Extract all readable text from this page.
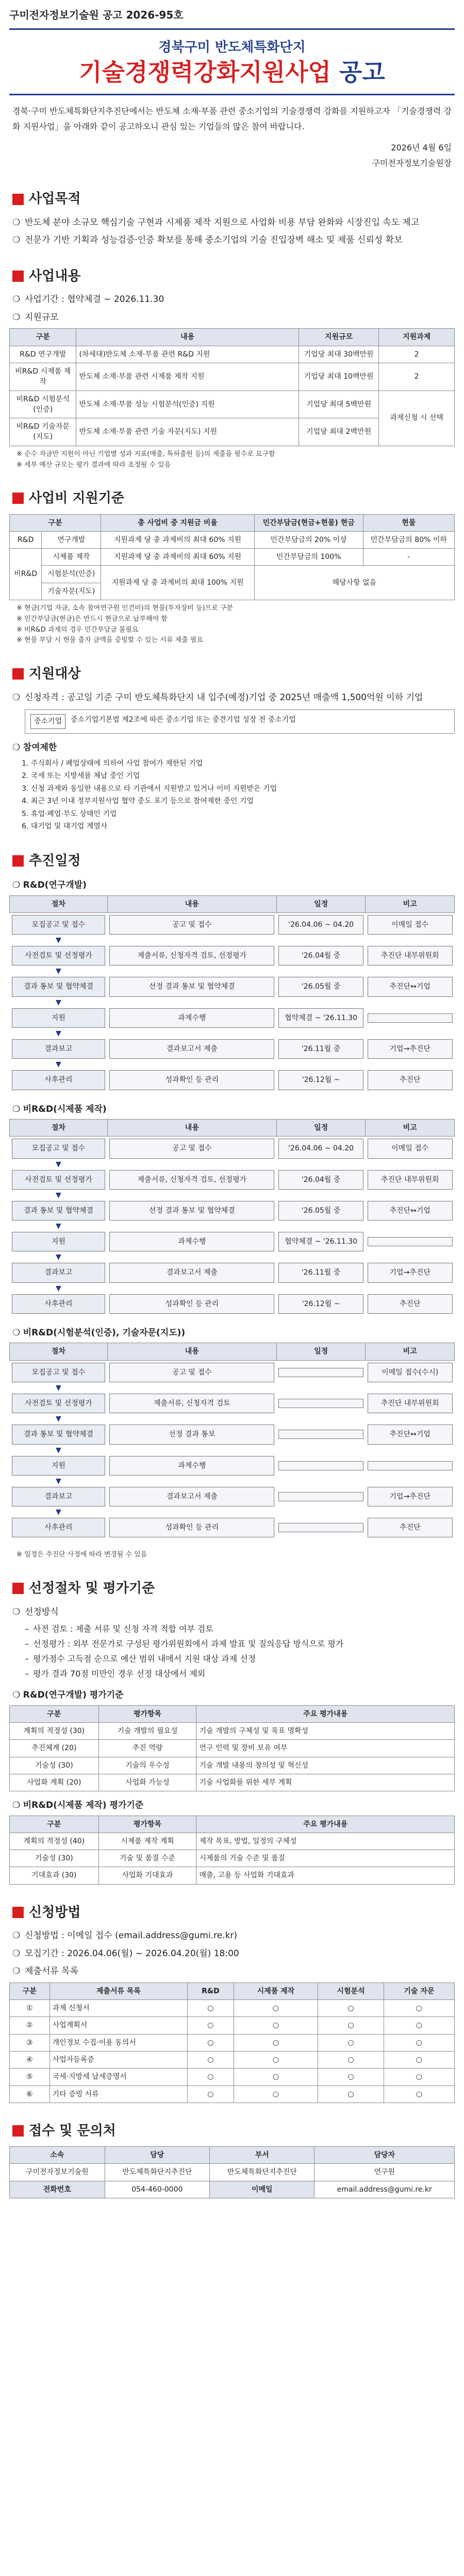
구미전자정보기술원 공고 2026-95호
경북구미 반도체특화단지
기술경쟁력강화지원사업 공고

경북·구미 반도체특화단지추진단에서는 반도체 소재·부품 관련 중소기업의 기술경쟁력 강화를 지원하고자 「기술경쟁력 강화 지원사업」을 아래와 같이 공고하오니 관심 있는 기업들의 많은 참여 바랍니다.

2026년 4월 6일
구미전자정보기술원장
사업목적
❍ 반도체 분야 소규모 핵심기술 구현과 시제품 제작 지원으로 사업화 비용 부담 완화와 시장진입 속도 제고
❍ 전문가 기반 기획과 성능검증·인증 확보를 통해 중소기업의 기술 진입장벽 해소 및 제품 신뢰성 확보
사업내용
❍ 사업기간 : 협약체결 ~ 2026.11.30
❍ 지원규모
구분	내용	지원규모	지원과제
R&D 연구개발	(차세대)반도체 소재·부품 관련 R&D 지원	기업당 최대 30백만원	2
비R&D 시제품 제작	반도체 소재·부품 관련 시제품 제작 지원	기업당 최대 10백만원	2
비R&D 시험분석(인증)	반도체 소재·부품 성능 시험분석(인증) 지원	기업당 최대 5백만원	과제신청 시 선택
비R&D 기술자문(지도)	반도체 소재·부품 관련 기술 자문(지도) 지원	기업당 최대 2백만원	
※ 순수 자금만 지원이 아닌 기업별 성과 지표(매출, 특허출원 등)의 제출을 필수로 요구함
※ 세부 예산 규모는 평가 결과에 따라 조정될 수 있음
사업비 지원기준
구분		총 사업비 중 지원금 비율	민간부담금(현금+현물) 현금	현물
R&D	연구개발	지원과제 당 총 과제비의 최대 60% 지원	민간부담금의 20% 이상	민간부담금의 80% 이하
비R&D	시제품 제작	지원과제 당 총 과제비의 최대 60% 지원	민간부담금의 100%	-
	시험분석(인증)	지원과제 당 총 과제비의 최대 100% 지원	해당사항 없음	
	기술자문(지도)			
※ 현금(기업 자금, 소속 참여연구원 인건비)의 현물(투자장비 등)으로 구분
※ 민간부담금(현금)은 반드시 현금으로 납부해야 함
※ 비R&D 과제의 경우 민간부담금 불필요
※ 현물 부담 시 현물 출자 금액을 증빙할 수 있는 서류 제출 필요
지원대상
❍ 신청자격 : 공고일 기준 구미 반도체특화단지 내 입주(예정)기업 중 2025년 매출액 1,500억원 이하 기업
중소기업	중소기업기본법 제2조에 따른 중소기업 또는 중견기업 성장 전 중소기업
❍ 참여제한
1. 주식회사 / 폐업상태에 의하여 사업 참여가 제한된 기업
2. 국세 또는 지방세를 체납 중인 기업
3. 신청 과제와 동일한 내용으로 타 기관에서 지원받고 있거나 이미 지원받은 기업
4. 최근 3년 이내 정부지원사업 협약 중도 포기 등으로 참여제한 중인 기업
5. 휴업·폐업·부도 상태인 기업
6. 대기업 및 대기업 계열사
추진일정
❍ R&D(연구개발)
절차	내용	일정	비고

모집공고 및 접수	공고 및 접수	'26.04.06 ~ 04.20	이메일 접수

▼			

사전검토 및 선정평가	제출서류, 신청자격 검토, 선정평가	'26.04월 중	추진단 내부위원회

▼			

결과 통보 및 협약체결	선정 결과 통보 및 협약체결	'26.05월 중	추진단↔기업

▼			

지원	과제수행	협약체결 ~ '26.11.30	

▼			

결과보고	결과보고서 제출	'26.11월 중	기업→추진단

▼			

사후관리	성과확인 등 관리	'26.12월 ~	추진단
❍ 비R&D(시제품 제작)
절차	내용	일정	비고

모집공고 및 접수	공고 및 접수	'26.04.06 ~ 04.20	이메일 접수

▼			

사전검토 및 선정평가	제출서류, 신청자격 검토, 선정평가	'26.04월 중	추진단 내부위원회

▼			

결과 통보 및 협약체결	선정 결과 통보 및 협약체결	'26.05월 중	추진단↔기업

▼			

지원	과제수행	협약체결 ~ '26.11.30	

▼			

결과보고	결과보고서 제출	'26.11월 중	기업→추진단

▼			

사후관리	성과확인 등 관리	'26.12월 ~	추진단
❍ 비R&D(시험분석(인증), 기술자문(지도))
절차	내용	일정	비고

모집공고 및 접수	공고 및 접수		이메일 접수(수시)

▼			

사전검토 및 선정평가	제출서류, 신청자격 검토		추진단 내부위원회

▼			

결과 통보 및 협약체결	선정 결과 통보		추진단↔기업

▼			

지원	과제수행		

▼			

결과보고	결과보고서 제출		기업→추진단

▼			

사후관리	성과확인 등 관리		추진단
※ 일정은 추진단 사정에 따라 변경될 수 있음
선정절차 및 평가기준
❍ 선정방식
– 사전 검토 : 제출 서류 및 신청 자격 적합 여부 검토
– 선정평가 : 외부 전문가로 구성된 평가위원회에서 과제 발표 및 질의응답 방식으로 평가
– 평가점수 고득점 순으로 예산 범위 내에서 지원 대상 과제 선정
– 평가 결과 70점 미만인 경우 선정 대상에서 제외
❍ R&D(연구개발) 평가기준
구분	평가항목	주요 평가내용
계획의 적정성 (30)	기술 개발의 필요성	기술 개발의 구체성 및 목표 명확성
추진체계 (20)	추진 역량	연구 인력 및 장비 보유 여부
기술성 (30)	기술의 우수성	기술 개발 내용의 창의성 및 혁신성
사업화 계획 (20)	사업화 가능성	기술 사업화를 위한 세부 계획
❍ 비R&D(시제품 제작) 평가기준
구분	평가항목	주요 평가내용
계획의 적정성 (40)	시제품 제작 계획	제작 목표, 방법, 일정의 구체성
기술성 (30)	기술 및 품질 수준	시제품의 기술 수준 및 품질
기대효과 (30)	사업화 기대효과	매출, 고용 등 사업화 기대효과
신청방법
❍ 신청방법 : 이메일 접수 (email.address@gumi.re.kr)
❍ 모집기간 : 2026.04.06(월) ~ 2026.04.20(월) 18:00
❍ 제출서류 목록
구분	제출서류 목록	R&D	시제품 제작	시험분석	기술 자문
①	과제 신청서	○	○	○	○
②	사업계획서	○	○	○	○
③	개인정보 수집·이용 동의서	○	○	○	○
④	사업자등록증	○	○	○	○
⑤	국세·지방세 납세증명서	○	○	○	○
⑥	기타 증빙 서류	○	○	○	○
접수 및 문의처
소속	담당	부서	담당자
구미전자정보기술원	반도체특화단지추진단	반도체특화단지추진단	연구원
전화번호	054-460-0000	이메일	email.address@gumi.re.kr
